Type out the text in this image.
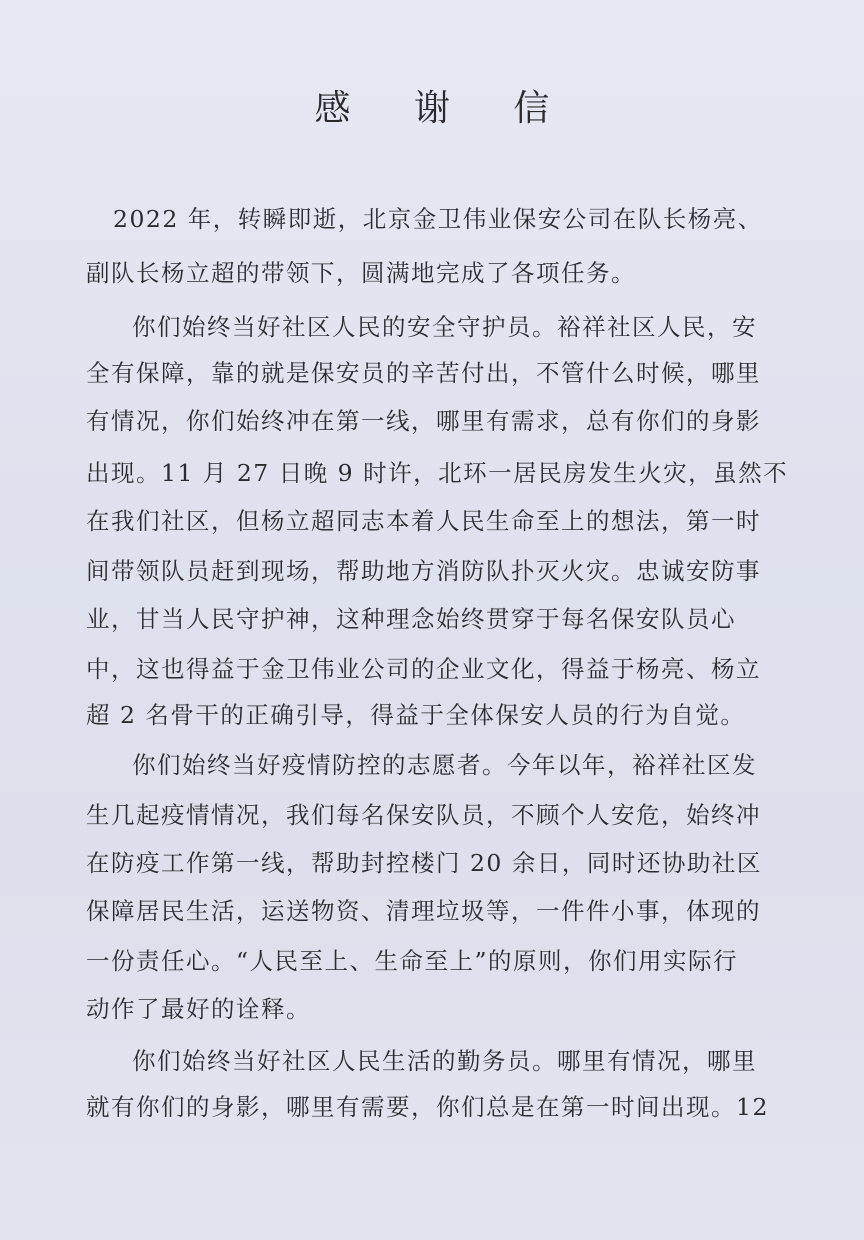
感 谢 信
2022 年，转瞬即逝，北京金卫伟业保安公司在队长杨亮、
副队长杨立超的带领下，圆满地完成了各项任务。
你们始终当好社区人民的安全守护员。裕祥社区人民，安
全有保障，靠的就是保安员的辛苦付出，不管什么时候，哪里
有情况，你们始终冲在第一线，哪里有需求，总有你们的身影
出现。11 月 27 日晚 9 时许，北环一居民房发生火灾，虽然不
在我们社区，但杨立超同志本着人民生命至上的想法，第一时
间带领队员赶到现场，帮助地方消防队扑灭火灾。忠诚安防事
业，甘当人民守护神，这种理念始终贯穿于每名保安队员心
中，这也得益于金卫伟业公司的企业文化，得益于杨亮、杨立
超 2 名骨干的正确引导，得益于全体保安人员的行为自觉。
你们始终当好疫情防控的志愿者。今年以年，裕祥社区发
生几起疫情情况，我们每名保安队员，不顾个人安危，始终冲
在防疫工作第一线，帮助封控楼门 20 余日，同时还协助社区
保障居民生活，运送物资、清理垃圾等，一件件小事，体现的
一份责任心。“人民至上、生命至上”的原则，你们用实际行
动作了最好的诠释。
你们始终当好社区人民生活的勤务员。哪里有情况，哪里
就有你们的身影，哪里有需要，你们总是在第一时间出现。12
